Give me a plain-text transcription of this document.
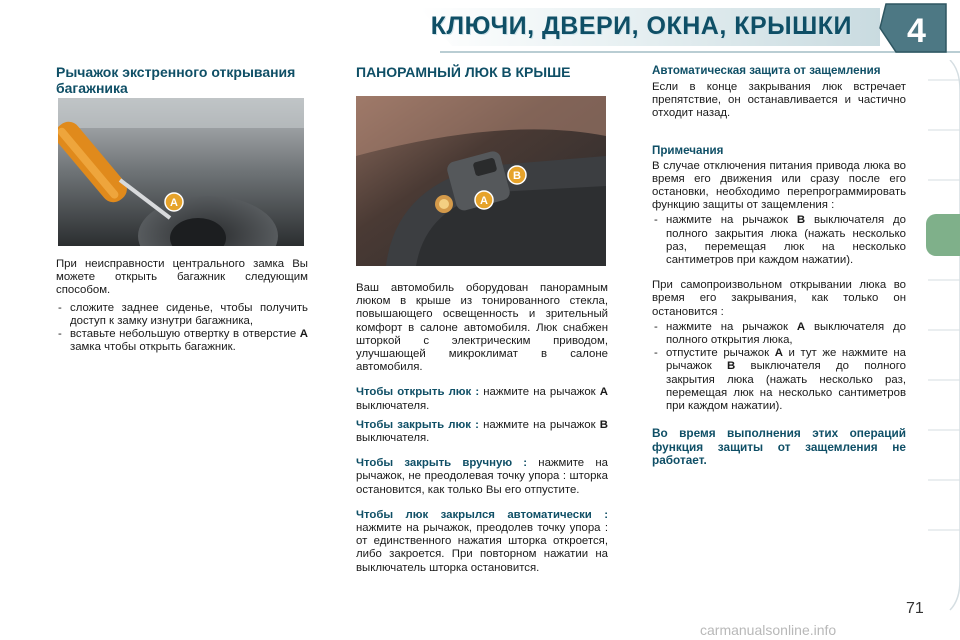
КЛЮЧИ, ДВЕРИ, ОКНА, КРЫШКИ 4
Рычажок экстренного открывания багажника
A

При неисправности центрального замка Вы можете открыть багажник следующим способом.

- сложите заднее сиденье, чтобы получить доступ к замку изнутри багажника,
- вставьте небольшую отвертку в отверстие A замка чтобы открыть багажник.
ПАНОРАМНЫЙ ЛЮК В КРЫШЕ
B
A

Ваш автомобиль оборудован панорамным люком в крыше из тонированного стекла, повышающего освещенность и зрительный комфорт в салоне автомобиля. Люк снабжен шторкой с электрическим приводом, улучшающей микроклимат в салоне автомобиля.

Чтобы открыть люк : нажмите на рычажок A выключателя.

Чтобы закрыть люк : нажмите на рычажок B выключателя.

Чтобы закрыть вручную : нажмите на рычажок, не преодолевая точку упора : шторка остановится, как только Вы его отпустите.

Чтобы люк закрылся автоматически : нажмите на рычажок, преодолев точку упора : от единственного нажатия шторка откроется, либо закроется. При повторном нажатии на выключатель шторка остановится.

Автоматическая защита от защемления

Если в конце закрывания люк встречает препятствие, он останавливается и частично отходит назад.

Примечания

В случае отключения питания привода люка во время его движения или сразу после его остановки, необходимо перепрограммировать функцию защиты от защемления :

- нажмите на рычажок B выключателя до полного закрытия люка (нажать несколько раз, перемещая люк на несколько сантиметров при каждом нажатии).

При самопроизвольном открывании люка во время его закрывания, как только он остановится :

- нажмите на рычажок A выключателя до полного открытия люка,
- отпустите рычажок A и тут же нажмите на рычажок B выключателя до полного закрытия люка (нажать несколько раз, перемещая люк на несколько сантиметров при каждом нажатии).

Во время выполнения этих операций функция защиты от защемления не работает.

71
carmanualsonline.info
